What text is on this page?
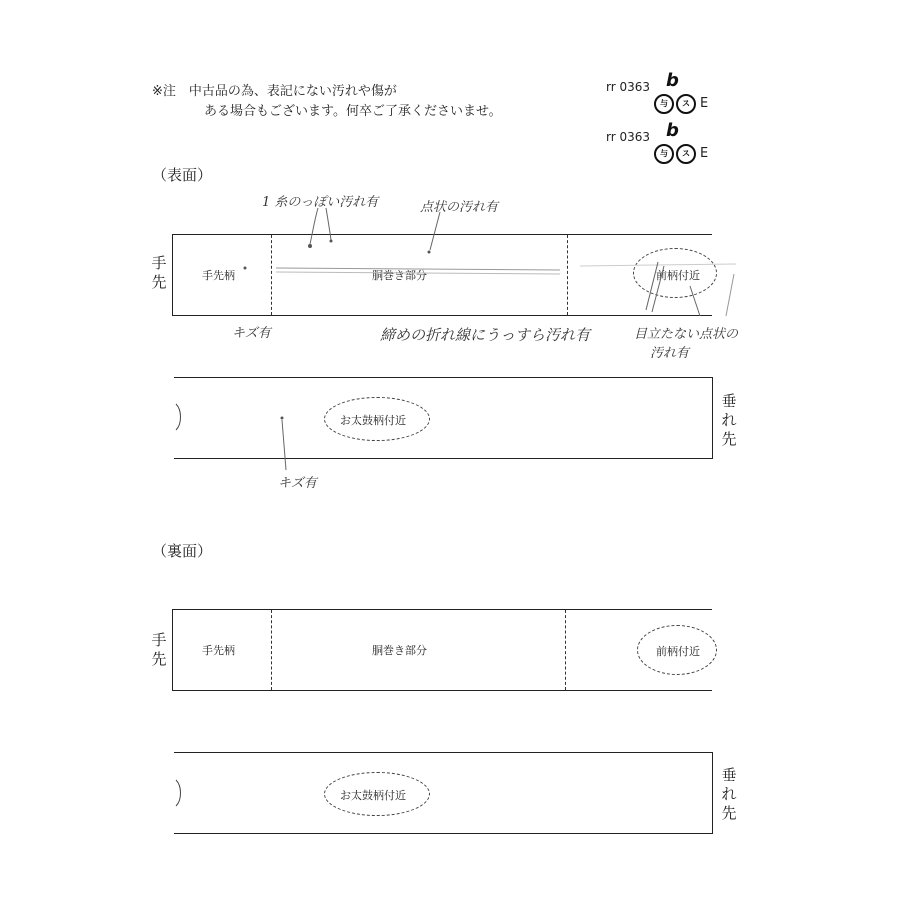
※注　中古品の為、表記にない汚れや傷が
ある場合もございます。何卒ご了承くださいませ。
rr 0363 b
与	ス E
rr 0363 b
与	ス E
（表面）
手先	手先柄	胴巻き部分	前柄付近
垂れ先
お太鼓柄付近
1 糸のっぽい汚れ有	点状の汚れ有
キズ有	締めの折れ線にうっすら汚れ有	目立たない点状の
汚れ有
キズ有
（裏面）
手先	手先柄	胴巻き部分	前柄付近
垂れ先
お太鼓柄付近
